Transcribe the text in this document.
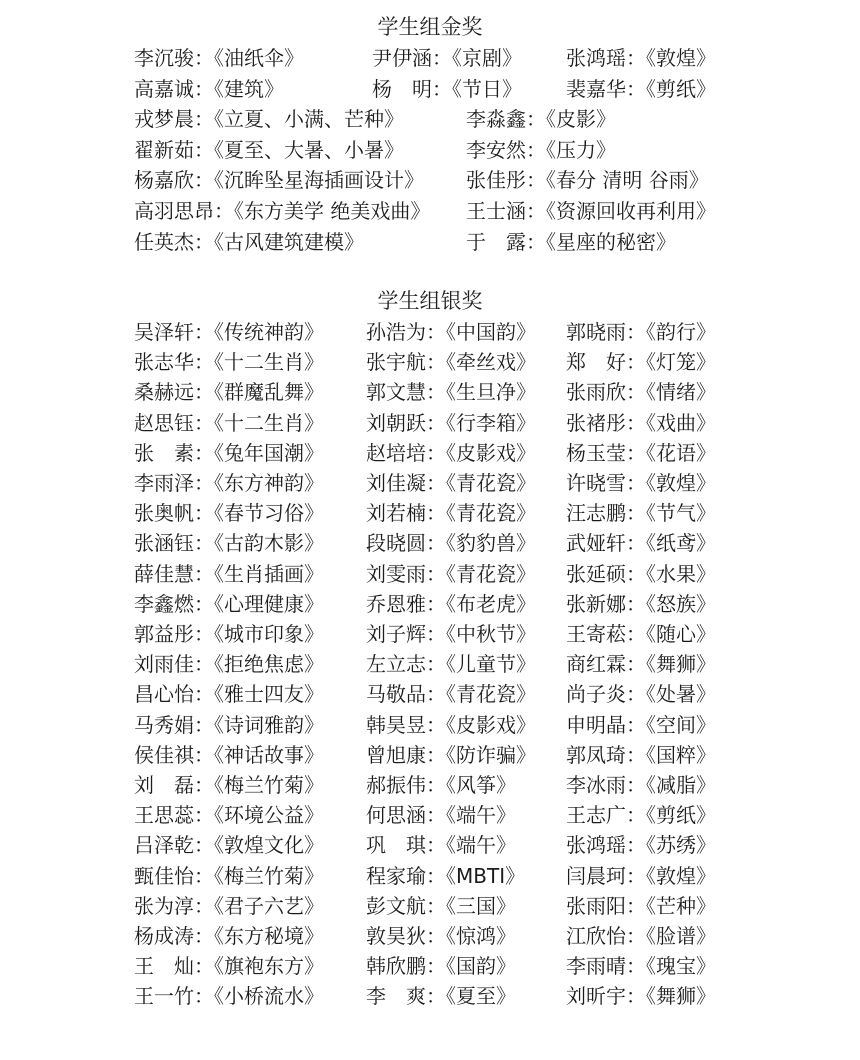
学生组金奖
李沉骏：《油纸伞》	尹伊涵：《京剧》 张鸿瑶：《敦煌》
高嘉诚：《建筑》	杨　明：《节日》 裴嘉华：《剪纸》
戎梦晨：《立夏、小满、芒种》	李淼鑫：《皮影》
翟新茹：《夏至、大暑、小暑》	李安然：《压力》
杨嘉欣：《沉眸坠星海插画设计》 张佳彤：《春分 清明 谷雨》
高羽思昂：《东方美学 绝美戏曲》 王士涵：《资源回收再利用》
任英杰：《古风建筑建模》	于　露：《星座的秘密》
学生组银奖
吴泽轩：《传统神韵》 孙浩为：《中国韵》 郭晓雨：《韵行》
张志华：《十二生肖》 张宇航：《牵丝戏》 郑　好：《灯笼》
桑赫远：《群魔乱舞》 郭文慧：《生旦净》 张雨欣：《情绪》
赵思钰：《十二生肖》 刘朝跃：《行李箱》 张褚彤：《戏曲》
张　素：《兔年国潮》 赵培培：《皮影戏》 杨玉莹：《花语》
李雨泽：《东方神韵》 刘佳凝：《青花瓷》 许晓雪：《敦煌》
张奥帆：《春节习俗》 刘若楠：《青花瓷》 汪志鹏：《节气》
张涵钰：《古韵木影》 段晓圆：《豹豹兽》 武娅轩：《纸鸢》
薛佳慧：《生肖插画》 刘雯雨：《青花瓷》 张延硕：《水果》
李鑫燃：《心理健康》 乔恩雅：《布老虎》 张新娜：《怒族》
郭益彤：《城市印象》 刘子辉：《中秋节》 王寄菘：《随心》
刘雨佳：《拒绝焦虑》 左立志：《儿童节》 商红霖：《舞狮》
昌心怡：《雅士四友》 马敬品：《青花瓷》 尚子炎：《处暑》
马秀娟：《诗词雅韵》 韩昊昱：《皮影戏》 申明晶：《空间》
侯佳祺：《神话故事》 曾旭康：《防诈骗》 郭凤琦：《国粹》
刘　磊：《梅兰竹菊》 郝振伟：《风筝》	李冰雨：《减脂》
王思蕊：《环境公益》 何思涵：《端午》	王志广：《剪纸》
吕泽乾：《敦煌文化》 巩　琪：《端午》	张鸿瑶：《苏绣》
甄佳怡：《梅兰竹菊》 程家瑜：《MBTI》 闫晨珂：《敦煌》
张为淳：《君子六艺》 彭文航：《三国》	张雨阳：《芒种》
杨成涛：《东方秘境》 敦昊狄：《惊鸿》	江欣怡：《脸谱》
王　灿：《旗袍东方》 韩欣鹏：《国韵》	李雨晴：《瑰宝》
王一竹：《小桥流水》 李　爽：《夏至》	刘昕宇：《舞狮》
